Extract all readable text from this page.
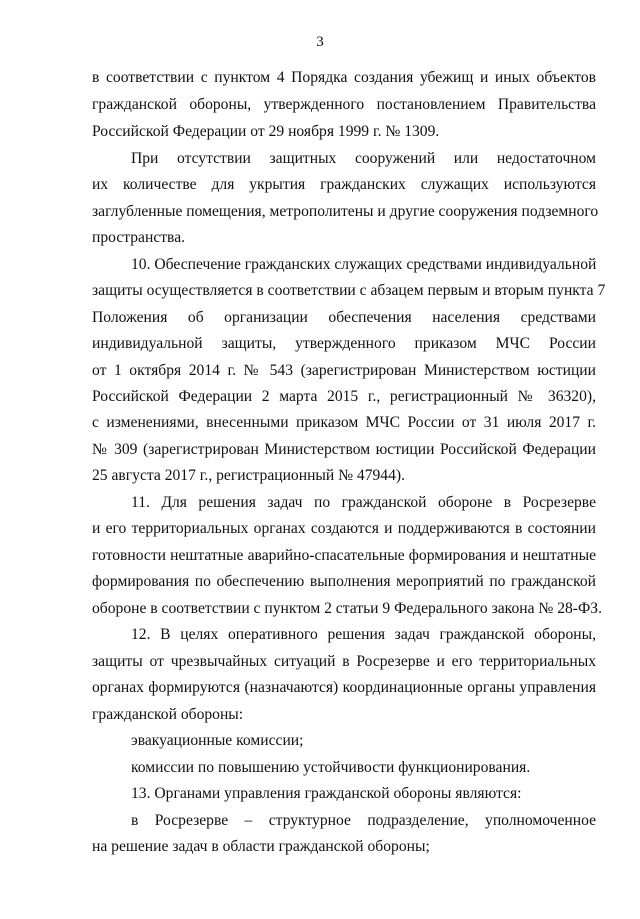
3
в соответствии с пунктом 4 Порядка создания убежищ и иных объектов
гражданской обороны, утвержденного постановлением Правительства
Российской Федерации от 29 ноября 1999 г. № 1309.
При отсутствии защитных сооружений или недостаточном
их количестве для укрытия гражданских служащих используются
заглубленные помещения, метрополитены и другие сооружения подземного
пространства.
10. Обеспечение гражданских служащих средствами индивидуальной
защиты осуществляется в соответствии с абзацем первым и вторым пункта 7
Положения об организации обеспечения населения средствами
индивидуальной защиты, утвержденного приказом МЧС России
от 1 октября 2014 г. № 543 (зарегистрирован Министерством юстиции
Российской Федерации 2 марта 2015 г., регистрационный № 36320),
с изменениями, внесенными приказом МЧС России от 31 июля 2017 г.
№ 309 (зарегистрирован Министерством юстиции Российской Федерации
25 августа 2017 г., регистрационный № 47944).
11. Для решения задач по гражданской обороне в Росрезерве
и его территориальных органах создаются и поддерживаются в состоянии
готовности нештатные аварийно-спасательные формирования и нештатные
формирования по обеспечению выполнения мероприятий по гражданской
обороне в соответствии с пунктом 2 статьи 9 Федерального закона № 28-ФЗ.
12. В целях оперативного решения задач гражданской обороны,
защиты от чрезвычайных ситуаций в Росрезерве и его территориальных
органах формируются (назначаются) координационные органы управления
гражданской обороны:
эвакуационные комиссии;
комиссии по повышению устойчивости функционирования.
13. Органами управления гражданской обороны являются:
в Росрезерве – структурное подразделение, уполномоченное
на решение задач в области гражданской обороны;
